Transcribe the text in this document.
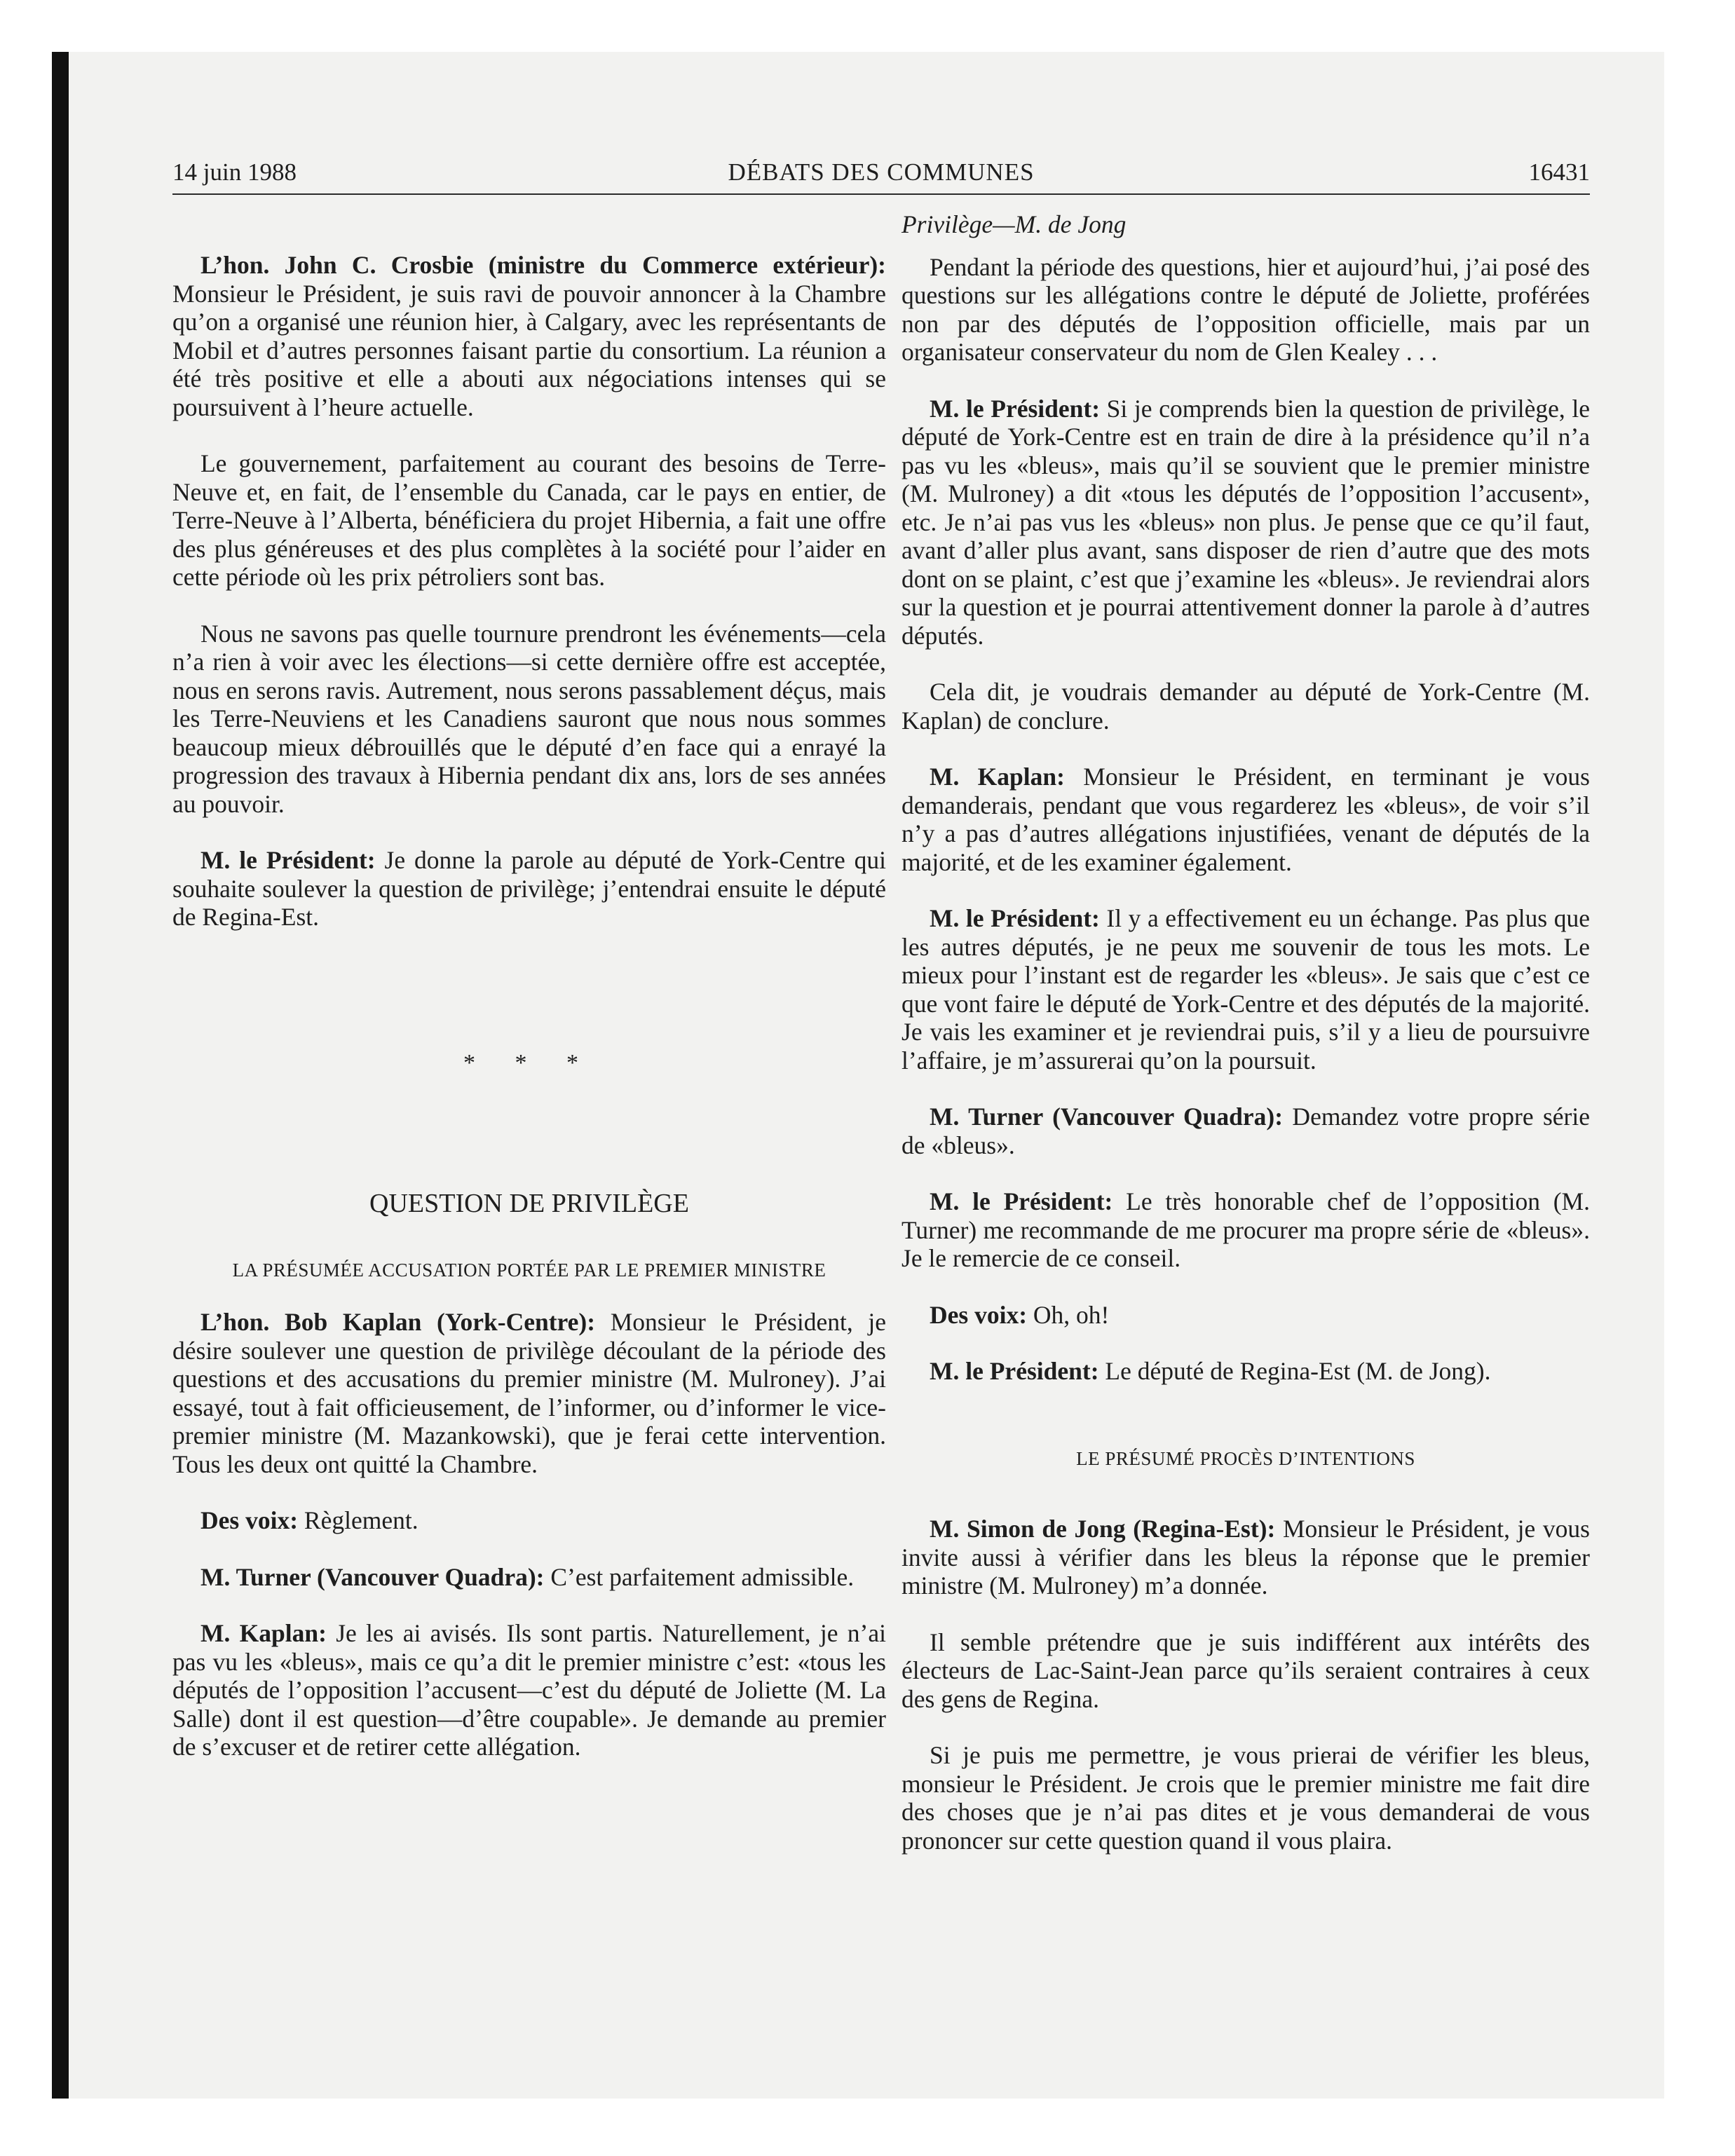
14 juin 1988	DÉBATS DES COMMUNES	16431

L’hon. John C. Crosbie (ministre du Commerce extérieur): Monsieur le Président, je suis ravi de pouvoir annoncer à la Chambre qu’on a organisé une réunion hier, à Calgary, avec les représentants de Mobil et d’autres personnes faisant partie du consortium. La réunion a été très positive et elle a abouti aux négociations intenses qui se poursuivent à l’heure actuelle.

Le gouvernement, parfaitement au courant des besoins de Terre-Neuve et, en fait, de l’ensemble du Canada, car le pays en entier, de Terre-Neuve à l’Alberta, bénéficiera du projet Hibernia, a fait une offre des plus généreuses et des plus complètes à la société pour l’aider en cette période où les prix pétroliers sont bas.

Nous ne savons pas quelle tournure prendront les événements—cela n’a rien à voir avec les élections—si cette dernière offre est acceptée, nous en serons ravis. Autrement, nous serons passablement déçus, mais les Terre-Neuviens et les Canadiens sauront que nous nous sommes beaucoup mieux débrouillés que le député d’en face qui a enrayé la progression des travaux à Hibernia pendant dix ans, lors de ses années au pouvoir.

M. le Président: Je donne la parole au député de York-Centre qui souhaite soulever la question de privilège; j’entendrai ensuite le député de Regina-Est.

* * *

QUESTION DE PRIVILÈGE

LA PRÉSUMÉE ACCUSATION PORTÉE PAR LE PREMIER MINISTRE

L’hon. Bob Kaplan (York-Centre): Monsieur le Président, je désire soulever une question de privilège découlant de la période des questions et des accusations du premier ministre (M. Mulroney). J’ai essayé, tout à fait officieusement, de l’informer, ou d’informer le vice-premier ministre (M. Mazankowski), que je ferai cette intervention. Tous les deux ont quitté la Chambre.

Des voix: Règlement.

M. Turner (Vancouver Quadra): C’est parfaitement admissible.

M. Kaplan: Je les ai avisés. Ils sont partis. Naturellement, je n’ai pas vu les «bleus», mais ce qu’a dit le premier ministre c’est: «tous les députés de l’opposition l’accusent—c’est du député de Joliette (M. La Salle) dont il est question—d’être coupable». Je demande au premier de s’excuser et de retirer cette allégation.

Privilège—M. de Jong

Pendant la période des questions, hier et aujourd’hui, j’ai posé des questions sur les allégations contre le député de Joliette, proférées non par des députés de l’opposition officielle, mais par un organisateur conservateur du nom de Glen Kealey . . .

M. le Président: Si je comprends bien la question de privilège, le député de York-Centre est en train de dire à la présidence qu’il n’a pas vu les «bleus», mais qu’il se souvient que le premier ministre (M. Mulroney) a dit «tous les députés de l’opposition l’accusent», etc. Je n’ai pas vus les «bleus» non plus. Je pense que ce qu’il faut, avant d’aller plus avant, sans disposer de rien d’autre que des mots dont on se plaint, c’est que j’examine les «bleus». Je reviendrai alors sur la question et je pourrai attentivement donner la parole à d’autres députés.

Cela dit, je voudrais demander au député de York-Centre (M. Kaplan) de conclure.

M. Kaplan: Monsieur le Président, en terminant je vous demanderais, pendant que vous regarderez les «bleus», de voir s’il n’y a pas d’autres allégations injustifiées, venant de députés de la majorité, et de les examiner également.

M. le Président: Il y a effectivement eu un échange. Pas plus que les autres députés, je ne peux me souvenir de tous les mots. Le mieux pour l’instant est de regarder les «bleus». Je sais que c’est ce que vont faire le député de York-Centre et des députés de la majorité. Je vais les examiner et je reviendrai puis, s’il y a lieu de poursuivre l’affaire, je m’assurerai qu’on la poursuit.

M. Turner (Vancouver Quadra): Demandez votre propre série de «bleus».

M. le Président: Le très honorable chef de l’opposition (M. Turner) me recommande de me procurer ma propre série de «bleus». Je le remercie de ce conseil.

Des voix: Oh, oh!

M. le Président: Le député de Regina-Est (M. de Jong).

LE PRÉSUMÉ PROCÈS D’INTENTIONS

M. Simon de Jong (Regina-Est): Monsieur le Président, je vous invite aussi à vérifier dans les bleus la réponse que le premier ministre (M. Mulroney) m’a donnée.

Il semble prétendre que je suis indifférent aux intérêts des électeurs de Lac-Saint-Jean parce qu’ils seraient contraires à ceux des gens de Regina.

Si je puis me permettre, je vous prierai de vérifier les bleus, monsieur le Président. Je crois que le premier ministre me fait dire des choses que je n’ai pas dites et je vous demanderai de vous prononcer sur cette question quand il vous plaira.
